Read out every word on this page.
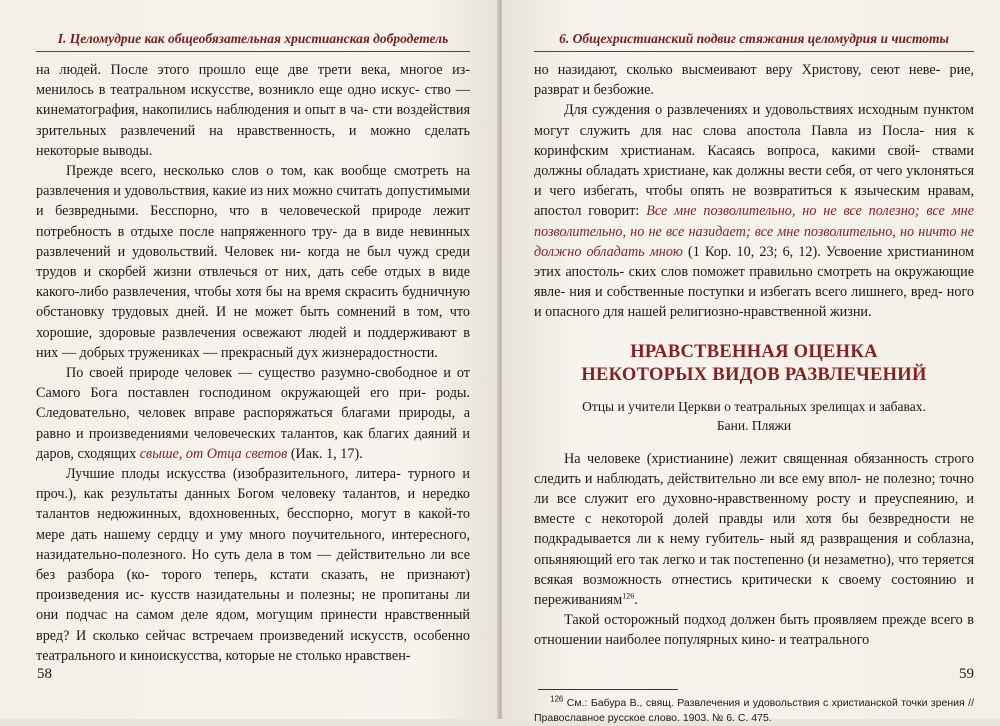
I. Целомудрие как общеобязательная христианская добродетель

на людей. После этого прошло еще две трети века, многое из- менилось в театральном искусстве, возникло еще одно искус- ство — кинематография, накопились наблюдения и опыт в ча- сти воздействия зрительных развлечений на нравственность, и можно сделать некоторые выводы.

Прежде всего, несколько слов о том, как вообще смотреть на развлечения и удовольствия, какие из них можно считать допустимыми и безвредными. Бесспорно, что в человеческой природе лежит потребность в отдыхе после напряженного тру- да в виде невинных развлечений и удовольствий. Человек ни- когда не был чужд среди трудов и скорбей жизни отвлечься от них, дать себе отдых в виде какого-либо развлечения, чтобы хотя бы на время скрасить будничную обстановку трудовых дней. И не может быть сомнений в том, что хорошие, здоровые развлечения освежают людей и поддерживают в них — добрых тружениках — прекрасный дух жизнерадостности.

По своей природе человек — существо разумно-свободное и от Самого Бога поставлен господином окружающей его при- роды. Следовательно, человек вправе распоряжаться благами природы, а равно и произведениями человеческих талантов, как благих даяний и даров, сходящих свыше, от Отца светов (Иак. 1, 17).

Лучшие плоды искусства (изобразительного, литера- турного и проч.), как результаты данных Богом человеку талантов, и нередко талантов недюжинных, вдохновенных, бесспорно, могут в какой-то мере дать нашему сердцу и уму много поучительного, интересного, назидательно-полезного. Но суть дела в том — действительно ли все без разбора (ко- торого теперь, кстати сказать, не признают) произведения ис- кусств назидательны и полезны; не пропитаны ли они подчас на самом деле ядом, могущим принести нравственный вред? И сколько сейчас встречаем произведений искусств, особенно театрального и киноискусства, которые не столько нравствен-

58
6. Общехристианский подвиг стяжания целомудрия и чистоты

но назидают, сколько высмеивают веру Христову, сеют неве- рие, разврат и безбожие.

Для суждения о развлечениях и удовольствиях исходным пунктом могут служить для нас слова апостола Павла из Посла- ния к коринфским христианам. Касаясь вопроса, какими свой- ствами должны обладать христиане, как должны вести себя, от чего уклоняться и чего избегать, чтобы опять не возвратиться к языческим нравам, апостол говорит: Все мне позволительно, но не все полезно; все мне позволительно, но не все назидает; все мне позволительно, но ничто не должно обладать мною (1 Кор. 10, 23; 6, 12). Усвоение христианином этих апостоль- ских слов поможет правильно смотреть на окружающие явле- ния и собственные поступки и избегать всего лишнего, вред- ного и опасного для нашей религиозно-нравственной жизни.

НРАВСТВЕННАЯ ОЦЕНКА
НЕКОТОРЫХ ВИДОВ РАЗВЛЕЧЕНИЙ
Отцы и учители Церкви о театральных зрелищах и забавах.
Бани. Пляжи

На человеке (христианине) лежит священная обязанность строго следить и наблюдать, действительно ли все ему впол- не полезно; точно ли все служит его духовно-нравственному росту и преуспеянию, и вместе с некоторой долей правды или хотя бы безвредности не подкрадывается ли к нему губитель- ный яд развращения и соблазна, опьяняющий его так легко и так постепенно (и незаметно), что теряется всякая возможность отнестись критически к своему состоянию и переживаниям$^{126}$.

Такой осторожный подход должен быть проявляем прежде всего в отношении наиболее популярных кино- и театрального

$^{126}$ См.: Бабура В., свящ. Развлечения и удовольствия с христианской точки зрения // Православное русское слово. 1903. № 6. С. 475.
59
